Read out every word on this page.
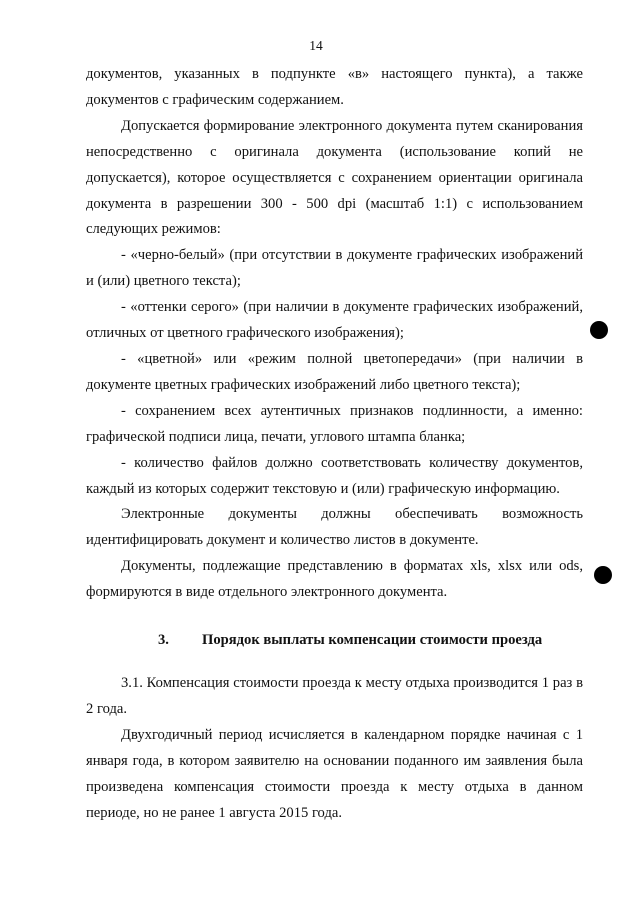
14

документов, указанных в подпункте «в» настоящего пункта), а также документов с графическим содержанием.

Допускается формирование электронного документа путем сканирования непосредственно с оригинала документа (использование копий не допускается), которое осуществляется с сохранением ориентации оригинала документа в разрешении 300 - 500 dpi (масштаб 1:1) с использованием следующих режимов:

- «черно-белый» (при отсутствии в документе графических изображений и (или) цветного текста);

- «оттенки серого» (при наличии в документе графических изображений, отличных от цветного графического изображения);

- «цветной» или «режим полной цветопередачи» (при наличии в документе цветных графических изображений либо цветного текста);

- сохранением всех аутентичных признаков подлинности, а именно: графической подписи лица, печати, углового штампа бланка;

- количество файлов должно соответствовать количеству документов, каждый из которых содержит текстовую и (или) графическую информацию.

Электронные документы должны обеспечивать возможность идентифицировать документ и количество листов в документе.

Документы, подлежащие представлению в форматах xls, xlsx или ods, формируются в виде отдельного электронного документа.

3. Порядок выплаты компенсации стоимости проезда

3.1. Компенсация стоимости проезда к месту отдыха производится 1 раз в 2 года.

Двухгодичный период исчисляется в календарном порядке начиная с 1 января года, в котором заявителю на основании поданного им заявления была произведена компенсация стоимости проезда к месту отдыха в данном периоде, но не ранее 1 августа 2015 года.
